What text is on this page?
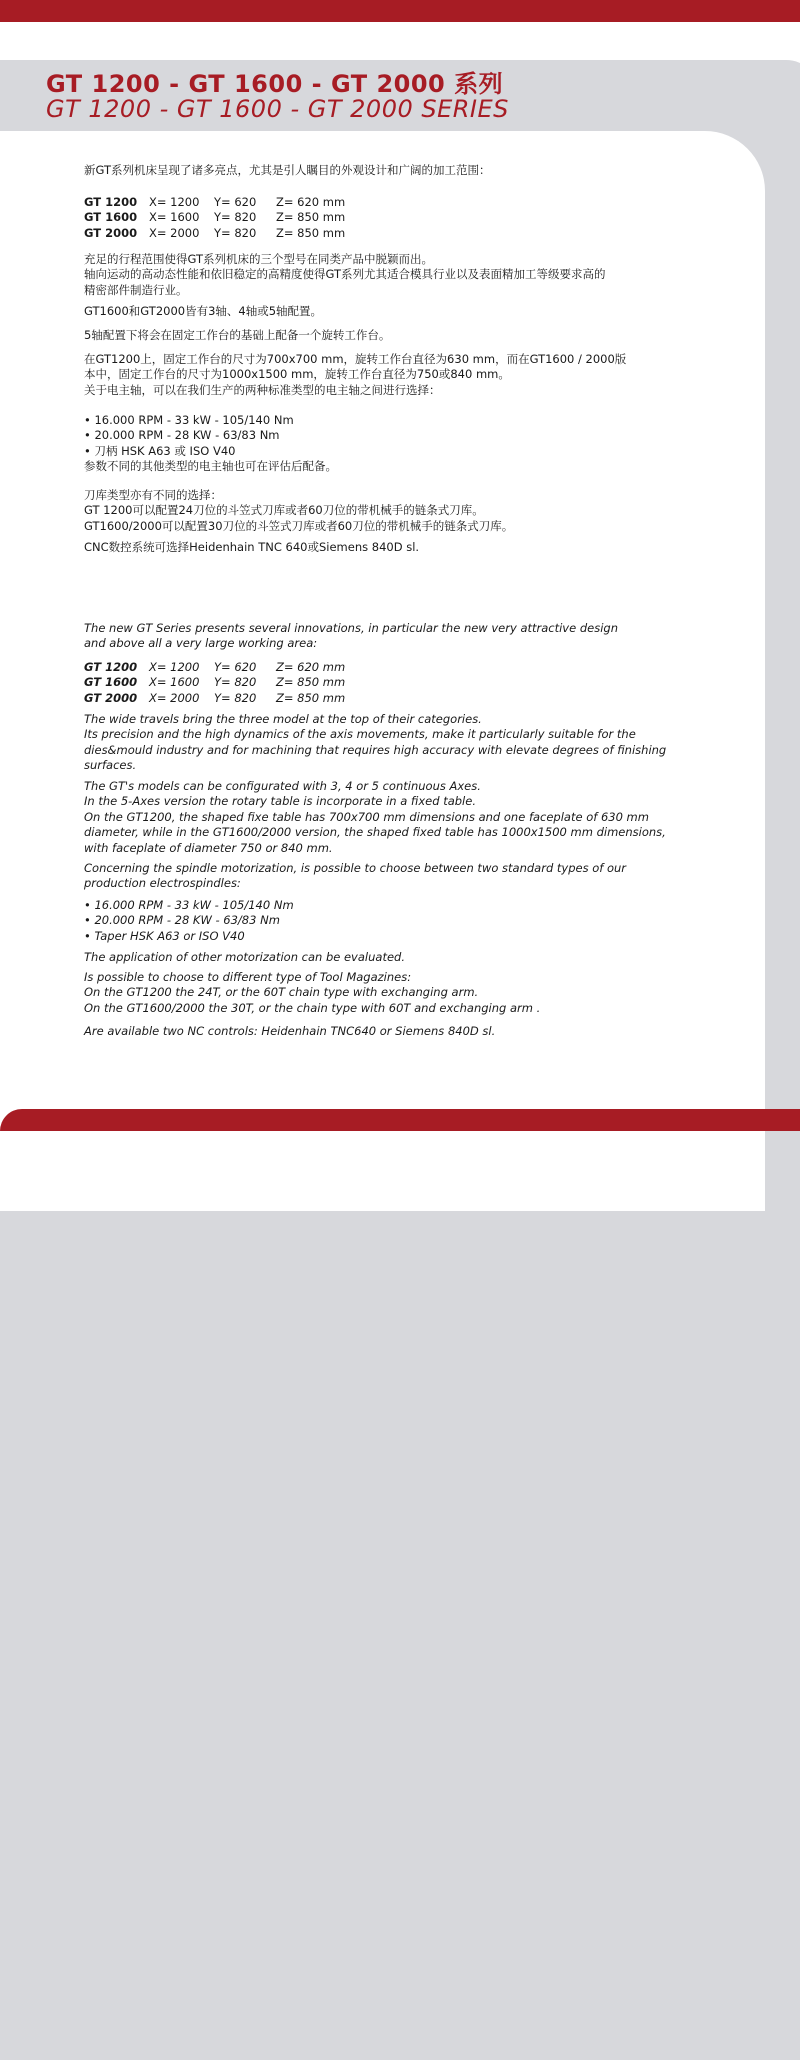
GT 1200 - GT 1600 - GT 2000 系列
GT 1200 - GT 1600 - GT 2000 SERIES
新GT系列机床呈现了诸多亮点，尤其是引人瞩目的外观设计和广阔的加工范围：
GT 1200	X= 1200	Y= 620	Z= 620 mm
GT 1600	X= 1600	Y= 820	Z= 850 mm
GT 2000	X= 2000	Y= 820	Z= 850 mm
充足的行程范围使得GT系列机床的三个型号在同类产品中脱颖而出。
轴向运动的高动态性能和依旧稳定的高精度使得GT系列尤其适合模具行业以及表面精加工等级要求高的
精密部件制造行业。
GT1600和GT2000皆有3轴、4轴或5轴配置。
5轴配置下将会在固定工作台的基础上配备一个旋转工作台。
在GT1200上，固定工作台的尺寸为700x700 mm，旋转工作台直径为630 mm，而在GT1600 / 2000版
本中，固定工作台的尺寸为1000x1500 mm，旋转工作台直径为750或840 mm。
关于电主轴，可以在我们生产的两种标准类型的电主轴之间进行选择：
• 16.000 RPM - 33 kW - 105/140 Nm
• 20.000 RPM - 28 KW - 63/83 Nm
• 刀柄 HSK A63 或 ISO V40
参数不同的其他类型的电主轴也可在评估后配备。
刀库类型亦有不同的选择：
GT 1200可以配置24刀位的斗笠式刀库或者60刀位的带机械手的链条式刀库。
GT1600/2000可以配置30刀位的斗笠式刀库或者60刀位的带机械手的链条式刀库。
CNC数控系统可选择Heidenhain TNC 640或Siemens 840D sl.
The new GT Series presents several innovations, in particular the new very attractive design
and above all a very large working area:
GT 1200	X= 1200	Y= 620	Z= 620 mm
GT 1600	X= 1600	Y= 820	Z= 850 mm
GT 2000	X= 2000	Y= 820	Z= 850 mm
The wide travels bring the three model at the top of their categories.
Its precision and the high dynamics of the axis movements, make it particularly suitable for the
dies&mould industry and for machining that requires high accuracy with elevate degrees of finishing
surfaces.
The GT's models can be configurated with 3, 4 or 5 continuous Axes.
In the 5-Axes version the rotary table is incorporate in a fixed table.
On the GT1200, the shaped fixe table has 700x700 mm dimensions and one faceplate of 630 mm
diameter, while in the GT1600/2000 version, the shaped fixed table has 1000x1500 mm dimensions,
with faceplate of diameter 750 or 840 mm.
Concerning the spindle motorization, is possible to choose between two standard types of our
production electrospindles:
• 16.000 RPM - 33 kW - 105/140 Nm
• 20.000 RPM - 28 KW - 63/83 Nm
• Taper HSK A63 or ISO V40
The application of other motorization can be evaluated.
Is possible to choose to different type of Tool Magazines:
On the GT1200 the 24T, or the 60T chain type with exchanging arm.
On the GT1600/2000 the 30T, or the chain type with 60T and exchanging arm .
Are available two NC controls: Heidenhain TNC640 or Siemens 840D sl.
